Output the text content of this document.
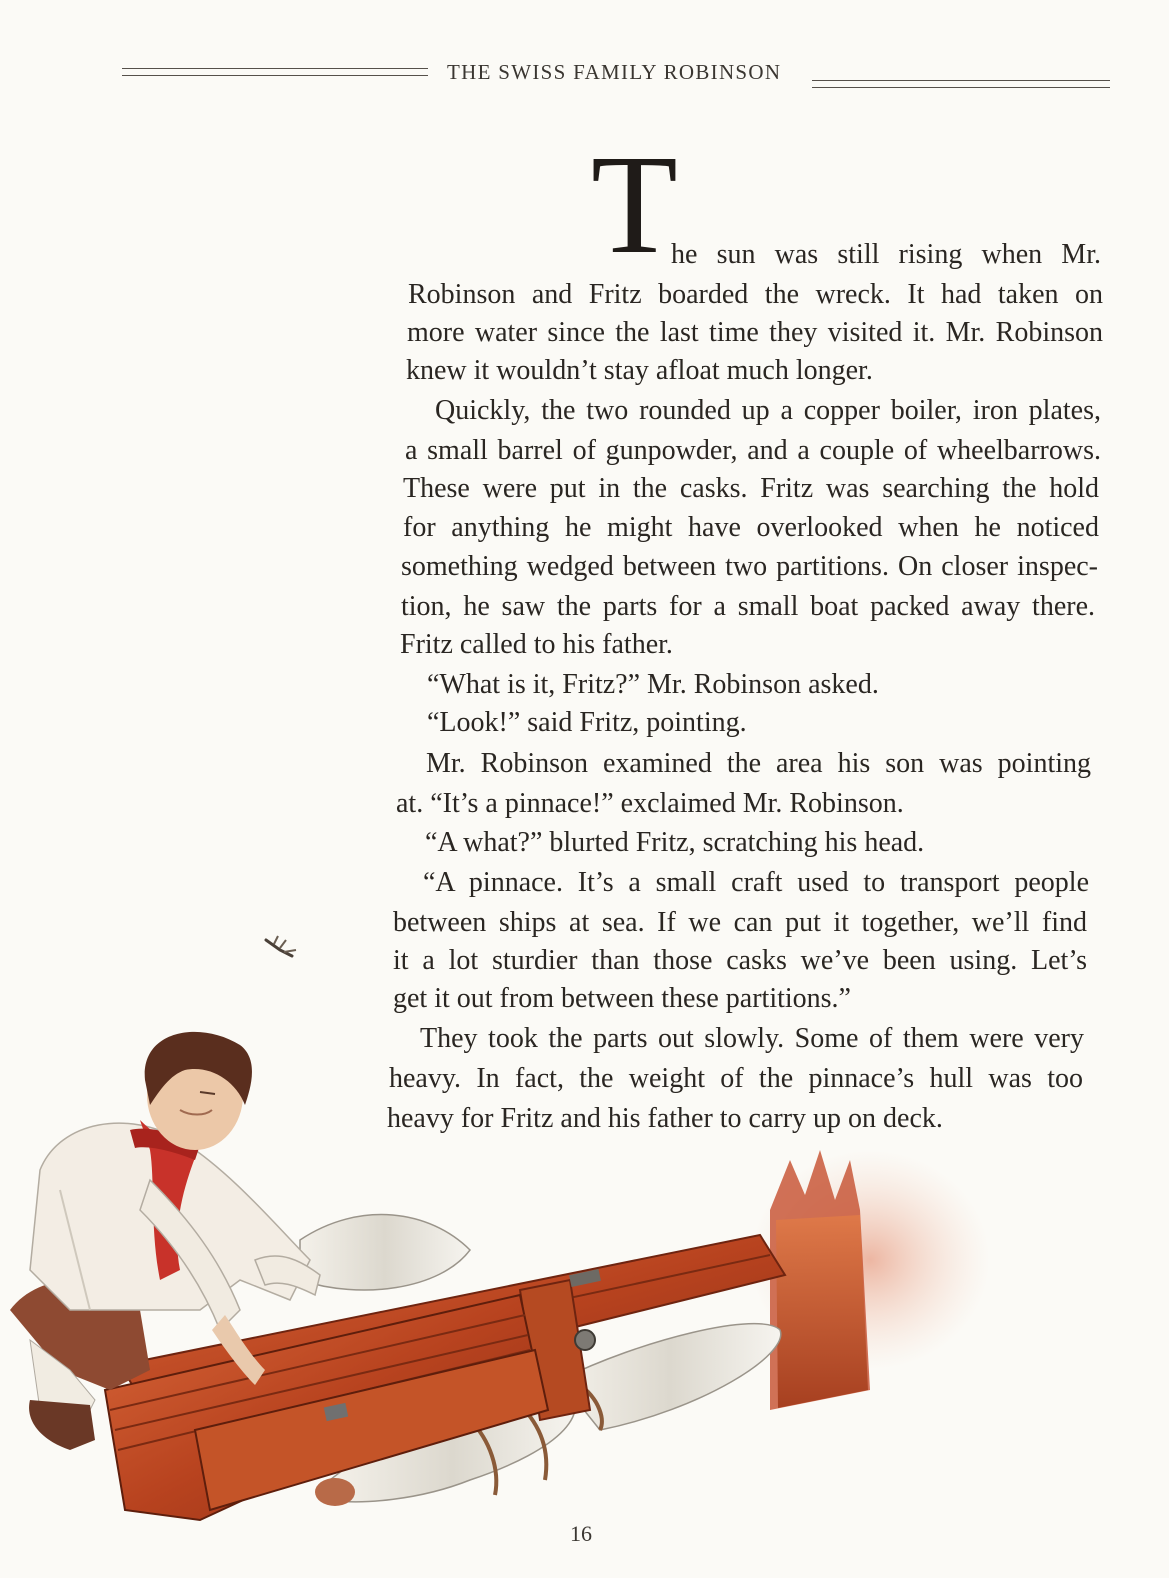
THE SWISS FAMILY ROBINSON
T
he sun was still rising when Mr.
Robinson and Fritz boarded the wreck. It had taken on
more water since the last time they visited it. Mr. Robinson
knew it wouldn’t stay afloat much longer.
Quickly, the two rounded up a copper boiler, iron plates,
a small barrel of gunpowder, and a couple of wheelbarrows.
These were put in the casks. Fritz was searching the hold
for anything he might have overlooked when he noticed
something wedged between two partitions. On closer inspec-
tion, he saw the parts for a small boat packed away there.
Fritz called to his father.
“What is it, Fritz?” Mr. Robinson asked.
“Look!” said Fritz, pointing.
Mr. Robinson examined the area his son was pointing
at. “It’s a pinnace!” exclaimed Mr. Robinson.
“A what?” blurted Fritz, scratching his head.
“A pinnace. It’s a small craft used to transport people
between ships at sea. If we can put it together, we’ll find
it a lot sturdier than those casks we’ve been using. Let’s
get it out from between these partitions.”
They took the parts out slowly. Some of them were very
heavy. In fact, the weight of the pinnace’s hull was too
heavy for Fritz and his father to carry up on deck.
16
